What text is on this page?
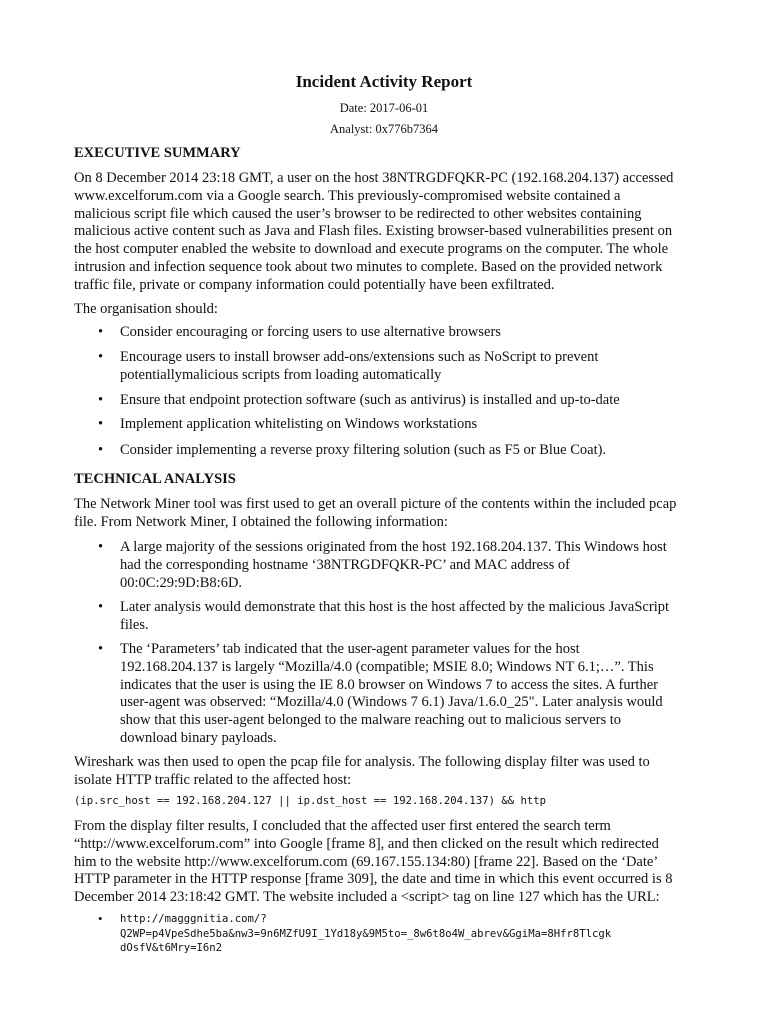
Incident Activity Report
Date: 2017-06-01
Analyst: 0x776b7364
EXECUTIVE SUMMARY
On 8 December 2014 23:18 GMT, a user on the host 38NTRGDFQKR-PC (192.168.204.137) accessed
www.excelforum.com via a Google search. This previously-compromised website contained a
malicious script file which caused the user’s browser to be redirected to other websites containing
malicious active content such as Java and Flash files. Existing browser-based vulnerabilities present on
the host computer enabled the website to download and execute programs on the computer. The whole
intrusion and infection sequence took about two minutes to complete. Based on the provided network
traffic file, private or company information could potentially have been exfiltrated.
The organisation should:
• Consider encouraging or forcing users to use alternative browsers
• Encourage users to install browser add-ons/extensions such as NoScript to prevent
potentiallymalicious scripts from loading automatically
• Ensure that endpoint protection software (such as antivirus) is installed and up-to-date
• Implement application whitelisting on Windows workstations
• Consider implementing a reverse proxy filtering solution (such as F5 or Blue Coat).
TECHNICAL ANALYSIS
The Network Miner tool was first used to get an overall picture of the contents within the included pcap
file. From Network Miner, I obtained the following information:
• A large majority of the sessions originated from the host 192.168.204.137. This Windows host
had the corresponding hostname ‘38NTRGDFQKR-PC’ and MAC address of
00:0C:29:9D:B8:6D.
• Later analysis would demonstrate that this host is the host affected by the malicious JavaScript
files.
• The ‘Parameters’ tab indicated that the user-agent parameter values for the host
192.168.204.137 is largely “Mozilla/4.0 (compatible; MSIE 8.0; Windows NT 6.1;…”. This
indicates that the user is using the IE 8.0 browser on Windows 7 to access the sites. A further
user-agent was observed: “Mozilla/4.0 (Windows 7 6.1) Java/1.6.0_25". Later analysis would
show that this user-agent belonged to the malware reaching out to malicious servers to
download binary payloads.
Wireshark was then used to open the pcap file for analysis. The following display filter was used to
isolate HTTP traffic related to the affected host:
(ip.src_host == 192.168.204.127 || ip.dst_host == 192.168.204.137) && http
From the display filter results, I concluded that the affected user first entered the search term
“http://www.excelforum.com” into Google [frame 8], and then clicked on the result which redirected
him to the website http://www.excelforum.com (69.167.155.134:80) [frame 22]. Based on the ‘Date’
HTTP parameter in the HTTP response [frame 309], the date and time in which this event occurred is 8
December 2014 23:18:42 GMT. The website included a <script> tag on line 127 which has the URL:
• http://magggnitia.com/?
Q2WP=p4VpeSdhe5ba&nw3=9n6MZfU9I_1Yd18y&9M5to=_8w6t8o4W_abrev&GgiMa=8Hfr8Tlcgk
dOsfV&t6Mry=I6n2
